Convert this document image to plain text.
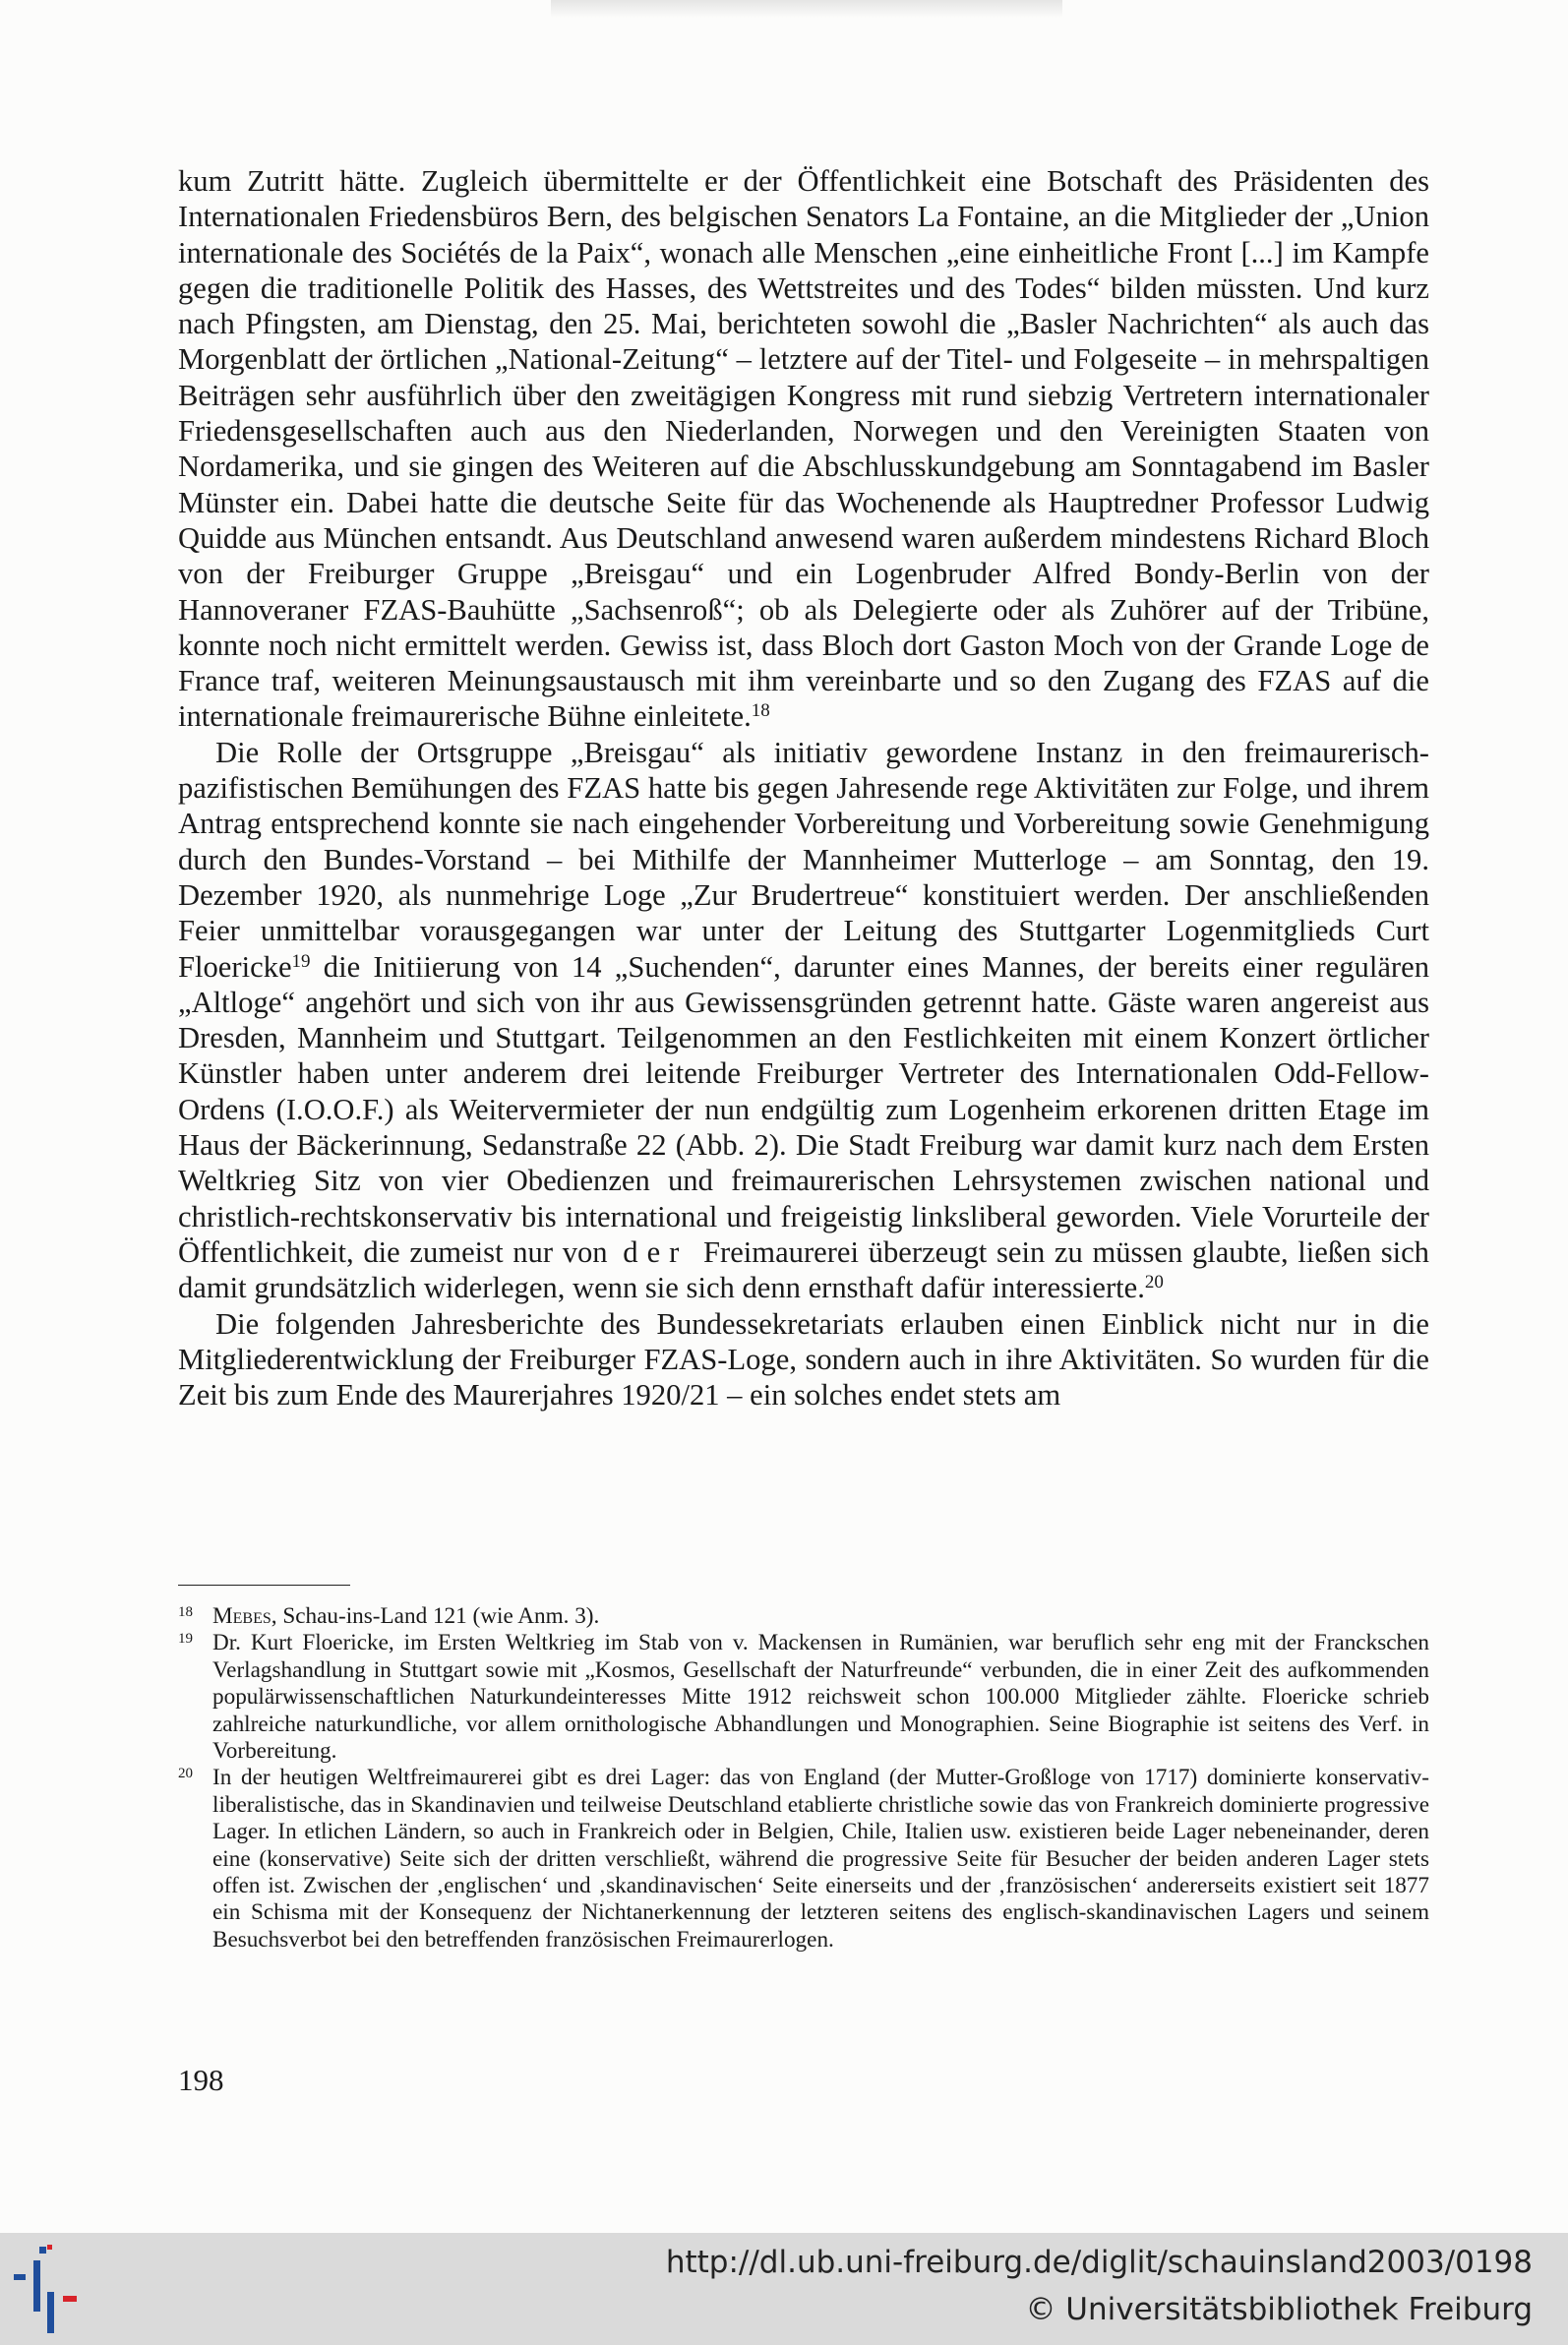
kum Zutritt hätte. Zugleich übermittelte er der Öffentlichkeit eine Botschaft des Präsidenten des Internationalen Friedensbüros Bern, des belgischen Senators La Fontaine, an die Mitglieder der „Union internationale des Sociétés de la Paix“, wonach alle Menschen „eine einheitliche Front [...] im Kampfe gegen die traditionelle Politik des Hasses, des Wettstreites und des Todes“ bilden müssten. Und kurz nach Pfingsten, am Dienstag, den 25. Mai, berichteten sowohl die „Basler Nachrichten“ als auch das Morgenblatt der örtlichen „National-Zeitung“ – letztere auf der Titel- und Folgeseite – in mehrspaltigen Beiträgen sehr ausführlich über den zweitägigen Kongress mit rund siebzig Vertretern internationaler Friedensgesellschaften auch aus den Niederlanden, Norwegen und den Vereinigten Staaten von Nordamerika, und sie gingen des Weiteren auf die Abschlusskundgebung am Sonntagabend im Basler Münster ein. Dabei hatte die deutsche Seite für das Wochenende als Hauptredner Professor Ludwig Quidde aus München entsandt. Aus Deutschland anwesend waren außerdem mindestens Richard Bloch von der Freiburger Gruppe „Breisgau“ und ein Logenbruder Alfred Bondy-Berlin von der Hannoveraner FZAS-Bauhütte „Sachsenroß“; ob als Delegierte oder als Zuhörer auf der Tribüne, konnte noch nicht ermittelt werden. Gewiss ist, dass Bloch dort Gaston Moch von der Grande Loge de France traf, weiteren Meinungsaustausch mit ihm vereinbarte und so den Zugang des FZAS auf die internationale freimaurerische Bühne einleitete.$^{18}$

Die Rolle der Ortsgruppe „Breisgau“ als initiativ gewordene Instanz in den freimaurerisch-pazifistischen Bemühungen des FZAS hatte bis gegen Jahresende rege Aktivitäten zur Folge, und ihrem Antrag entsprechend konnte sie nach eingehender Vorbereitung und Vorbereitung sowie Genehmigung durch den Bundes-Vorstand – bei Mithilfe der Mannheimer Mutterloge – am Sonntag, den 19. Dezember 1920, als nunmehrige Loge „Zur Brudertreue“ konstituiert werden. Der anschließenden Feier unmittelbar vorausgegangen war unter der Leitung des Stuttgarter Logenmitglieds Curt Floericke$^{19}$ die Initiierung von 14 „Suchenden“, darunter eines Mannes, der bereits einer regulären „Altloge“ angehört und sich von ihr aus Gewissensgründen getrennt hatte. Gäste waren angereist aus Dresden, Mannheim und Stuttgart. Teilgenommen an den Festlichkeiten mit einem Konzert örtlicher Künstler haben unter anderem drei leitende Freiburger Vertreter des Internationalen Odd-Fellow-Ordens (I.O.O.F.) als Weitervermieter der nun endgültig zum Logenheim erkorenen dritten Etage im Haus der Bäckerinnung, Sedanstraße 22 (Abb. 2). Die Stadt Freiburg war damit kurz nach dem Ersten Weltkrieg Sitz von vier Obedienzen und freimaurerischen Lehrsystemen zwischen national und christlich-rechtskonservativ bis international und freigeistig linksliberal geworden. Viele Vorurteile der Öffentlichkeit, die zumeist nur von der Freimaurerei überzeugt sein zu müssen glaubte, ließen sich damit grundsätzlich widerlegen, wenn sie sich denn ernsthaft dafür interessierte.$^{20}$

Die folgenden Jahresberichte des Bundessekretariats erlauben einen Einblick nicht nur in die Mitgliederentwicklung der Freiburger FZAS-Loge, sondern auch in ihre Aktivitäten. So wurden für die Zeit bis zum Ende des Maurerjahres 1920/21 – ein solches endet stets am

18 Mebes, Schau-ins-Land 121 (wie Anm. 3).
19 Dr. Kurt Floericke, im Ersten Weltkrieg im Stab von v. Mackensen in Rumänien, war beruflich sehr eng mit der Franckschen Verlagshandlung in Stuttgart sowie mit „Kosmos, Gesellschaft der Naturfreunde“ verbunden, die in einer Zeit des aufkommenden populärwissenschaftlichen Naturkundeinteresses Mitte 1912 reichsweit schon 100.000 Mitglieder zählte. Floericke schrieb zahlreiche naturkundliche, vor allem ornithologische Abhandlungen und Monographien. Seine Biographie ist seitens des Verf. in Vorbereitung.
20 In der heutigen Weltfreimaurerei gibt es drei Lager: das von England (der Mutter-Großloge von 1717) dominierte konservativ-liberalistische, das in Skandinavien und teilweise Deutschland etablierte christliche sowie das von Frankreich dominierte progressive Lager. In etlichen Ländern, so auch in Frankreich oder in Belgien, Chile, Italien usw. existieren beide Lager nebeneinander, deren eine (konservative) Seite sich der dritten verschließt, während die progressive Seite für Besucher der beiden anderen Lager stets offen ist. Zwischen der ‚englischen‘ und ‚skandinavischen‘ Seite einerseits und der ‚französischen‘ andererseits existiert seit 1877 ein Schisma mit der Konsequenz der Nichtanerkennung der letzteren seitens des englisch-skandinavischen Lagers und seinem Besuchsverbot bei den betreffenden französischen Freimaurerlogen.
198
http://dl.ub.uni-freiburg.de/diglit/schauinsland2003/0198
© Universitätsbibliothek Freiburg
